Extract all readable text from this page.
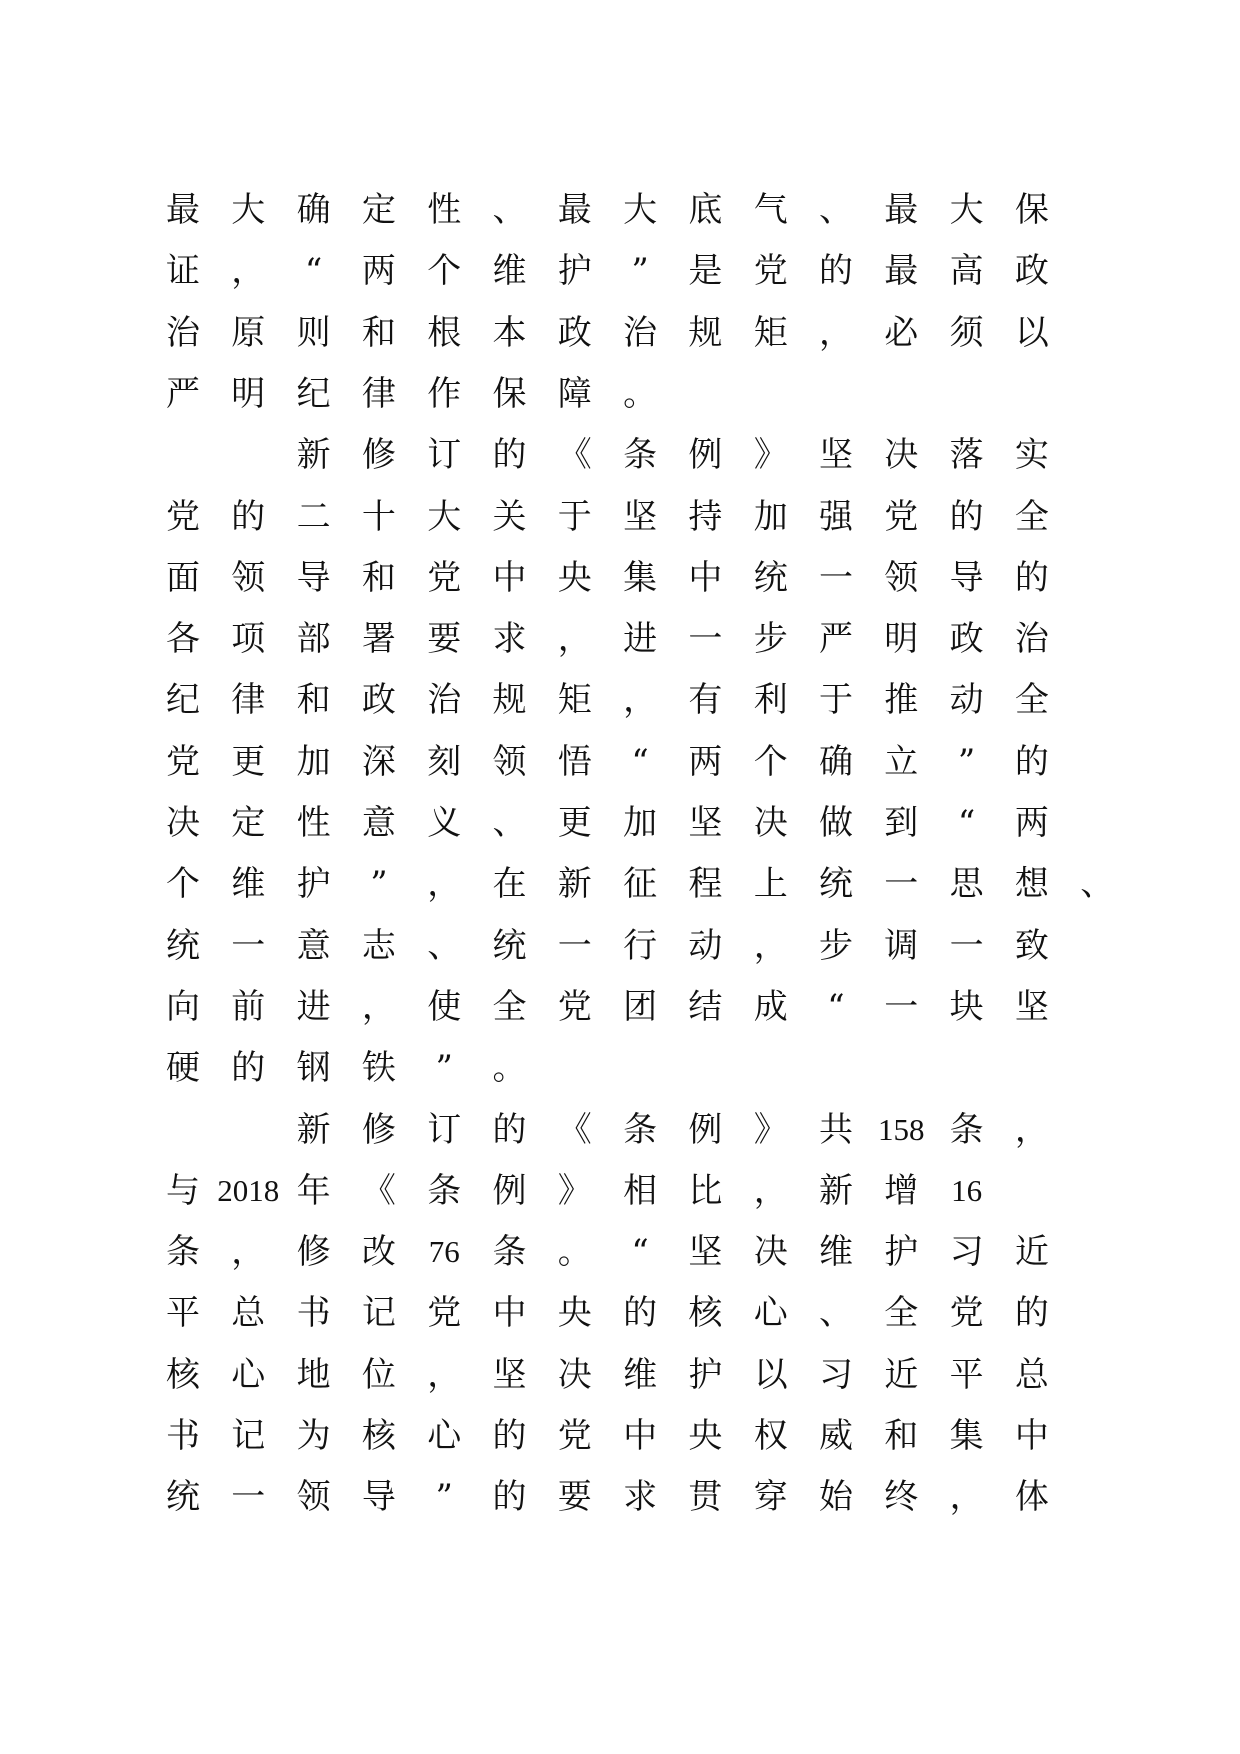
最 大 确 定 性 、 最 大 底 气 、 最 大 保
证 ，	“	两 个 维 护	”	是 党 的 最 高 政
治 原 则 和 根 本 政 治 规 矩 ， 必 须 以
严 明 纪 律 作 保 障 。
新 修 订 的 《 条 例 》 坚 决 落 实
党 的 二 十 大 关 于 坚 持 加 强 党 的 全
面 领 导 和 党 中 央 集 中 统 一 领 导 的
各 项 部 署 要 求 ， 进 一 步 严 明 政 治
纪 律 和 政 治 规 矩 ， 有 利 于 推 动 全
党 更 加 深 刻 领 悟	“	两 个 确 立	”	的
决 定 性 意 义 、 更 加 坚 决 做 到	“	两
个 维 护	”	， 在 新 征 程 上 统 一 思 想 、
统 一 意 志 、 统 一 行 动 ， 步 调 一 致
向 前 进 ， 使 全 党 团 结 成	“	一 块 坚
硬 的 钢 铁	”	。
新 修 订 的 《 条 例 》 共 158 条 ，
与 2018 年 《 条 例 》 相 比 ， 新 增 16
条 ， 修 改 76 条 。	“	坚 决 维 护 习 近
平 总 书 记 党 中 央 的 核 心 、 全 党 的
核 心 地 位 ， 坚 决 维 护 以 习 近 平 总
书 记 为 核 心 的 党 中 央 权 威 和 集 中
统 一 领 导	”	的 要 求 贯 穿 始 终 ， 体
